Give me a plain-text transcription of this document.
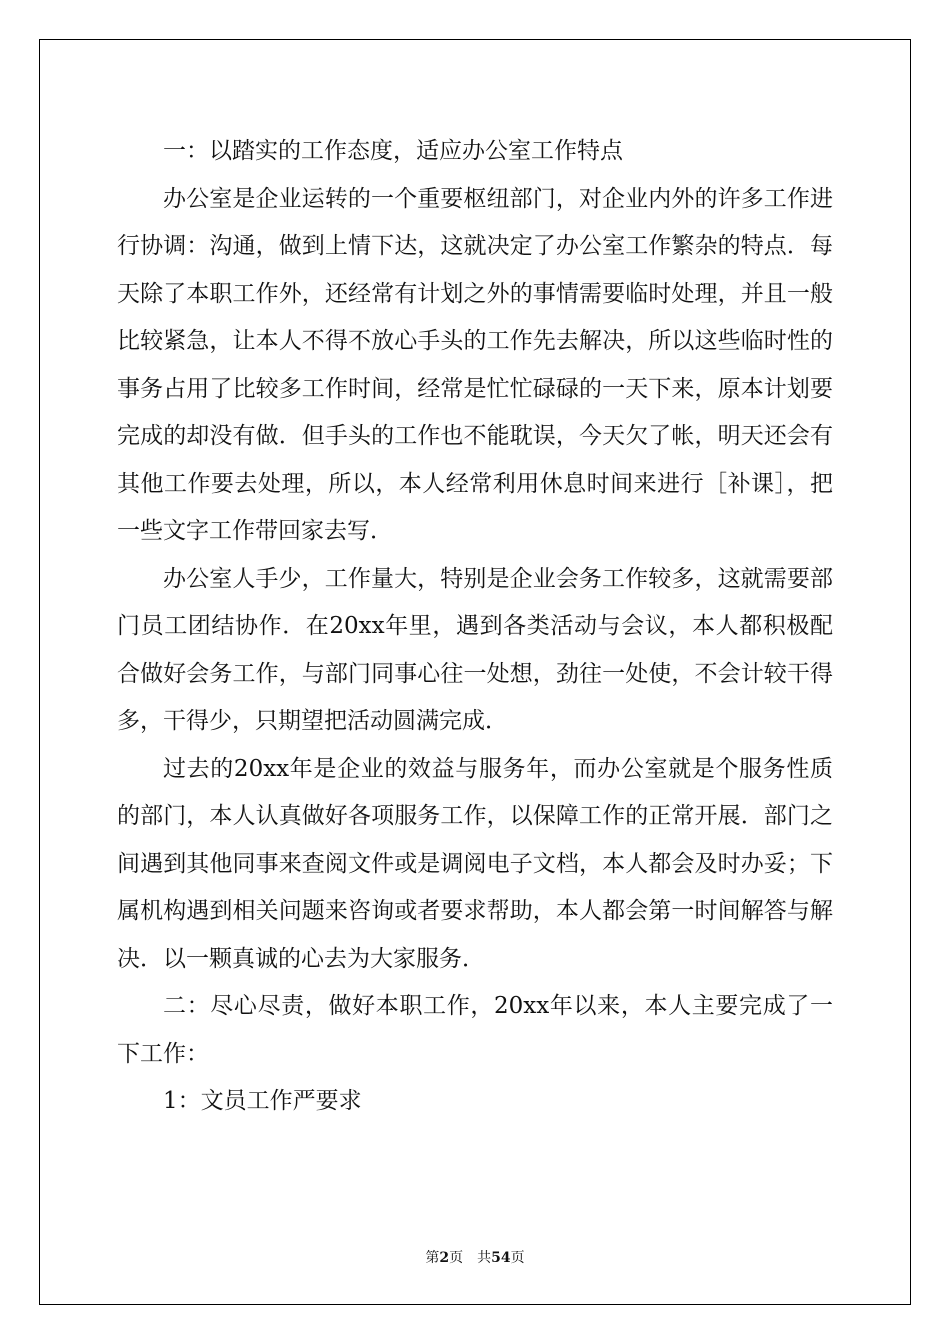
一：以踏实的工作态度，适应办公室工作特点

办公室是企业运转的一个重要枢纽部门，对企业内外的许多工作进行协调：沟通，做到上情下达，这就决定了办公室工作繁杂的特点．每天除了本职工作外，还经常有计划之外的事情需要临时处理，并且一般比较紧急，让本人不得不放心手头的工作先去解决，所以这些临时性的事务占用了比较多工作时间，经常是忙忙碌碌的一天下来，原本计划要完成的却没有做．但手头的工作也不能耽误，今天欠了帐，明天还会有其他工作要去处理，所以，本人经常利用休息时间来进行［补课］，把一些文字工作带回家去写．

办公室人手少，工作量大，特别是企业会务工作较多，这就需要部门员工团结协作．在20xx年里，遇到各类活动与会议，本人都积极配合做好会务工作，与部门同事心往一处想，劲往一处使，不会计较干得多，干得少，只期望把活动圆满完成．

过去的20xx年是企业的效益与服务年，而办公室就是个服务性质的部门，本人认真做好各项服务工作，以保障工作的正常开展．部门之间遇到其他同事来查阅文件或是调阅电子文档，本人都会及时办妥；下属机构遇到相关问题来咨询或者要求帮助，本人都会第一时间解答与解决．以一颗真诚的心去为大家服务．

二：尽心尽责，做好本职工作，20xx年以来，本人主要完成了一下工作：

1：文员工作严要求

第2页 共54页
